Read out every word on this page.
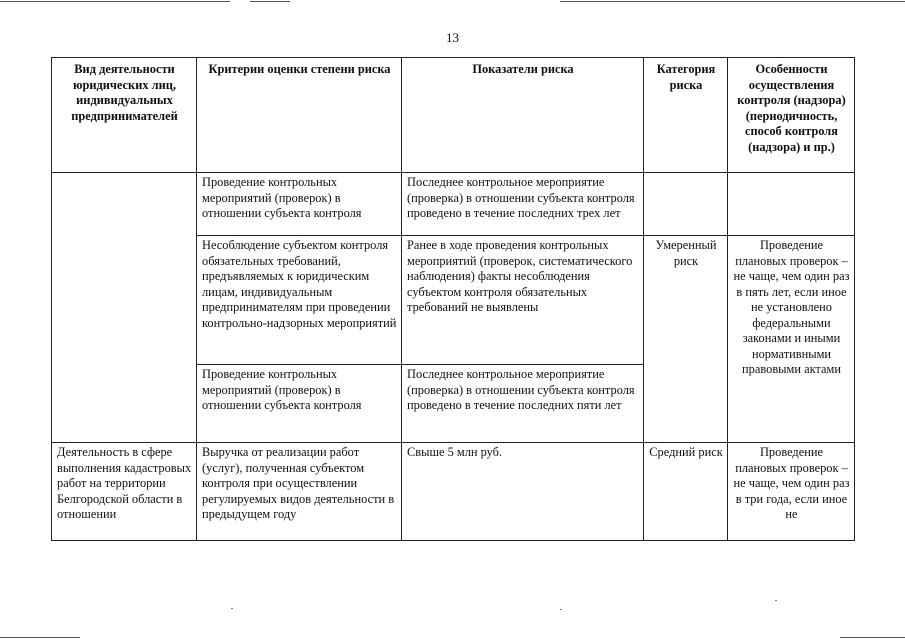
13
Вид деятельности юридических лиц, индивидуальных предпринимателей	Критерии оценки степени риска	Показатели риска	Категория риска	Особенности осуществления контроля (надзора) (периодичность, способ контроля (надзора) и пр.)
	Проведение контрольных мероприятий (проверок) в отношении субъекта контроля	Последнее контрольное мероприятие (проверка) в отношении субъекта контроля проведено в течение последних трех лет		
	Несоблюдение субъектом контроля обязательных требований, предъявляемых к юридическим лицам, индивидуальным предпринимателям при проведении контрольно-надзорных мероприятий	Ранее в ходе проведения контрольных мероприятий (проверок, систематического наблюдения) факты несоблюдения субъектом контроля обязательных требований не выявлены	Умеренный риск	Проведение плановых проверок – не чаще, чем один раз в пять лет, если иное не установлено федеральными законами и иными нормативными правовыми актами
	Проведение контрольных мероприятий (проверок) в отношении субъекта контроля	Последнее контрольное мероприятие (проверка) в отношении субъекта контроля проведено в течение последних пяти лет		
Деятельность в сфере выполнения кадастровых работ на территории Белгородской области в отношении	Выручка от реализации работ (услуг), полученная субъектом контроля при осуществлении регулируемых видов деятельности в предыдущем году	Свыше 5 млн руб.	Средний риск	Проведение плановых проверок – не чаще, чем один раз в три года, если иное не
